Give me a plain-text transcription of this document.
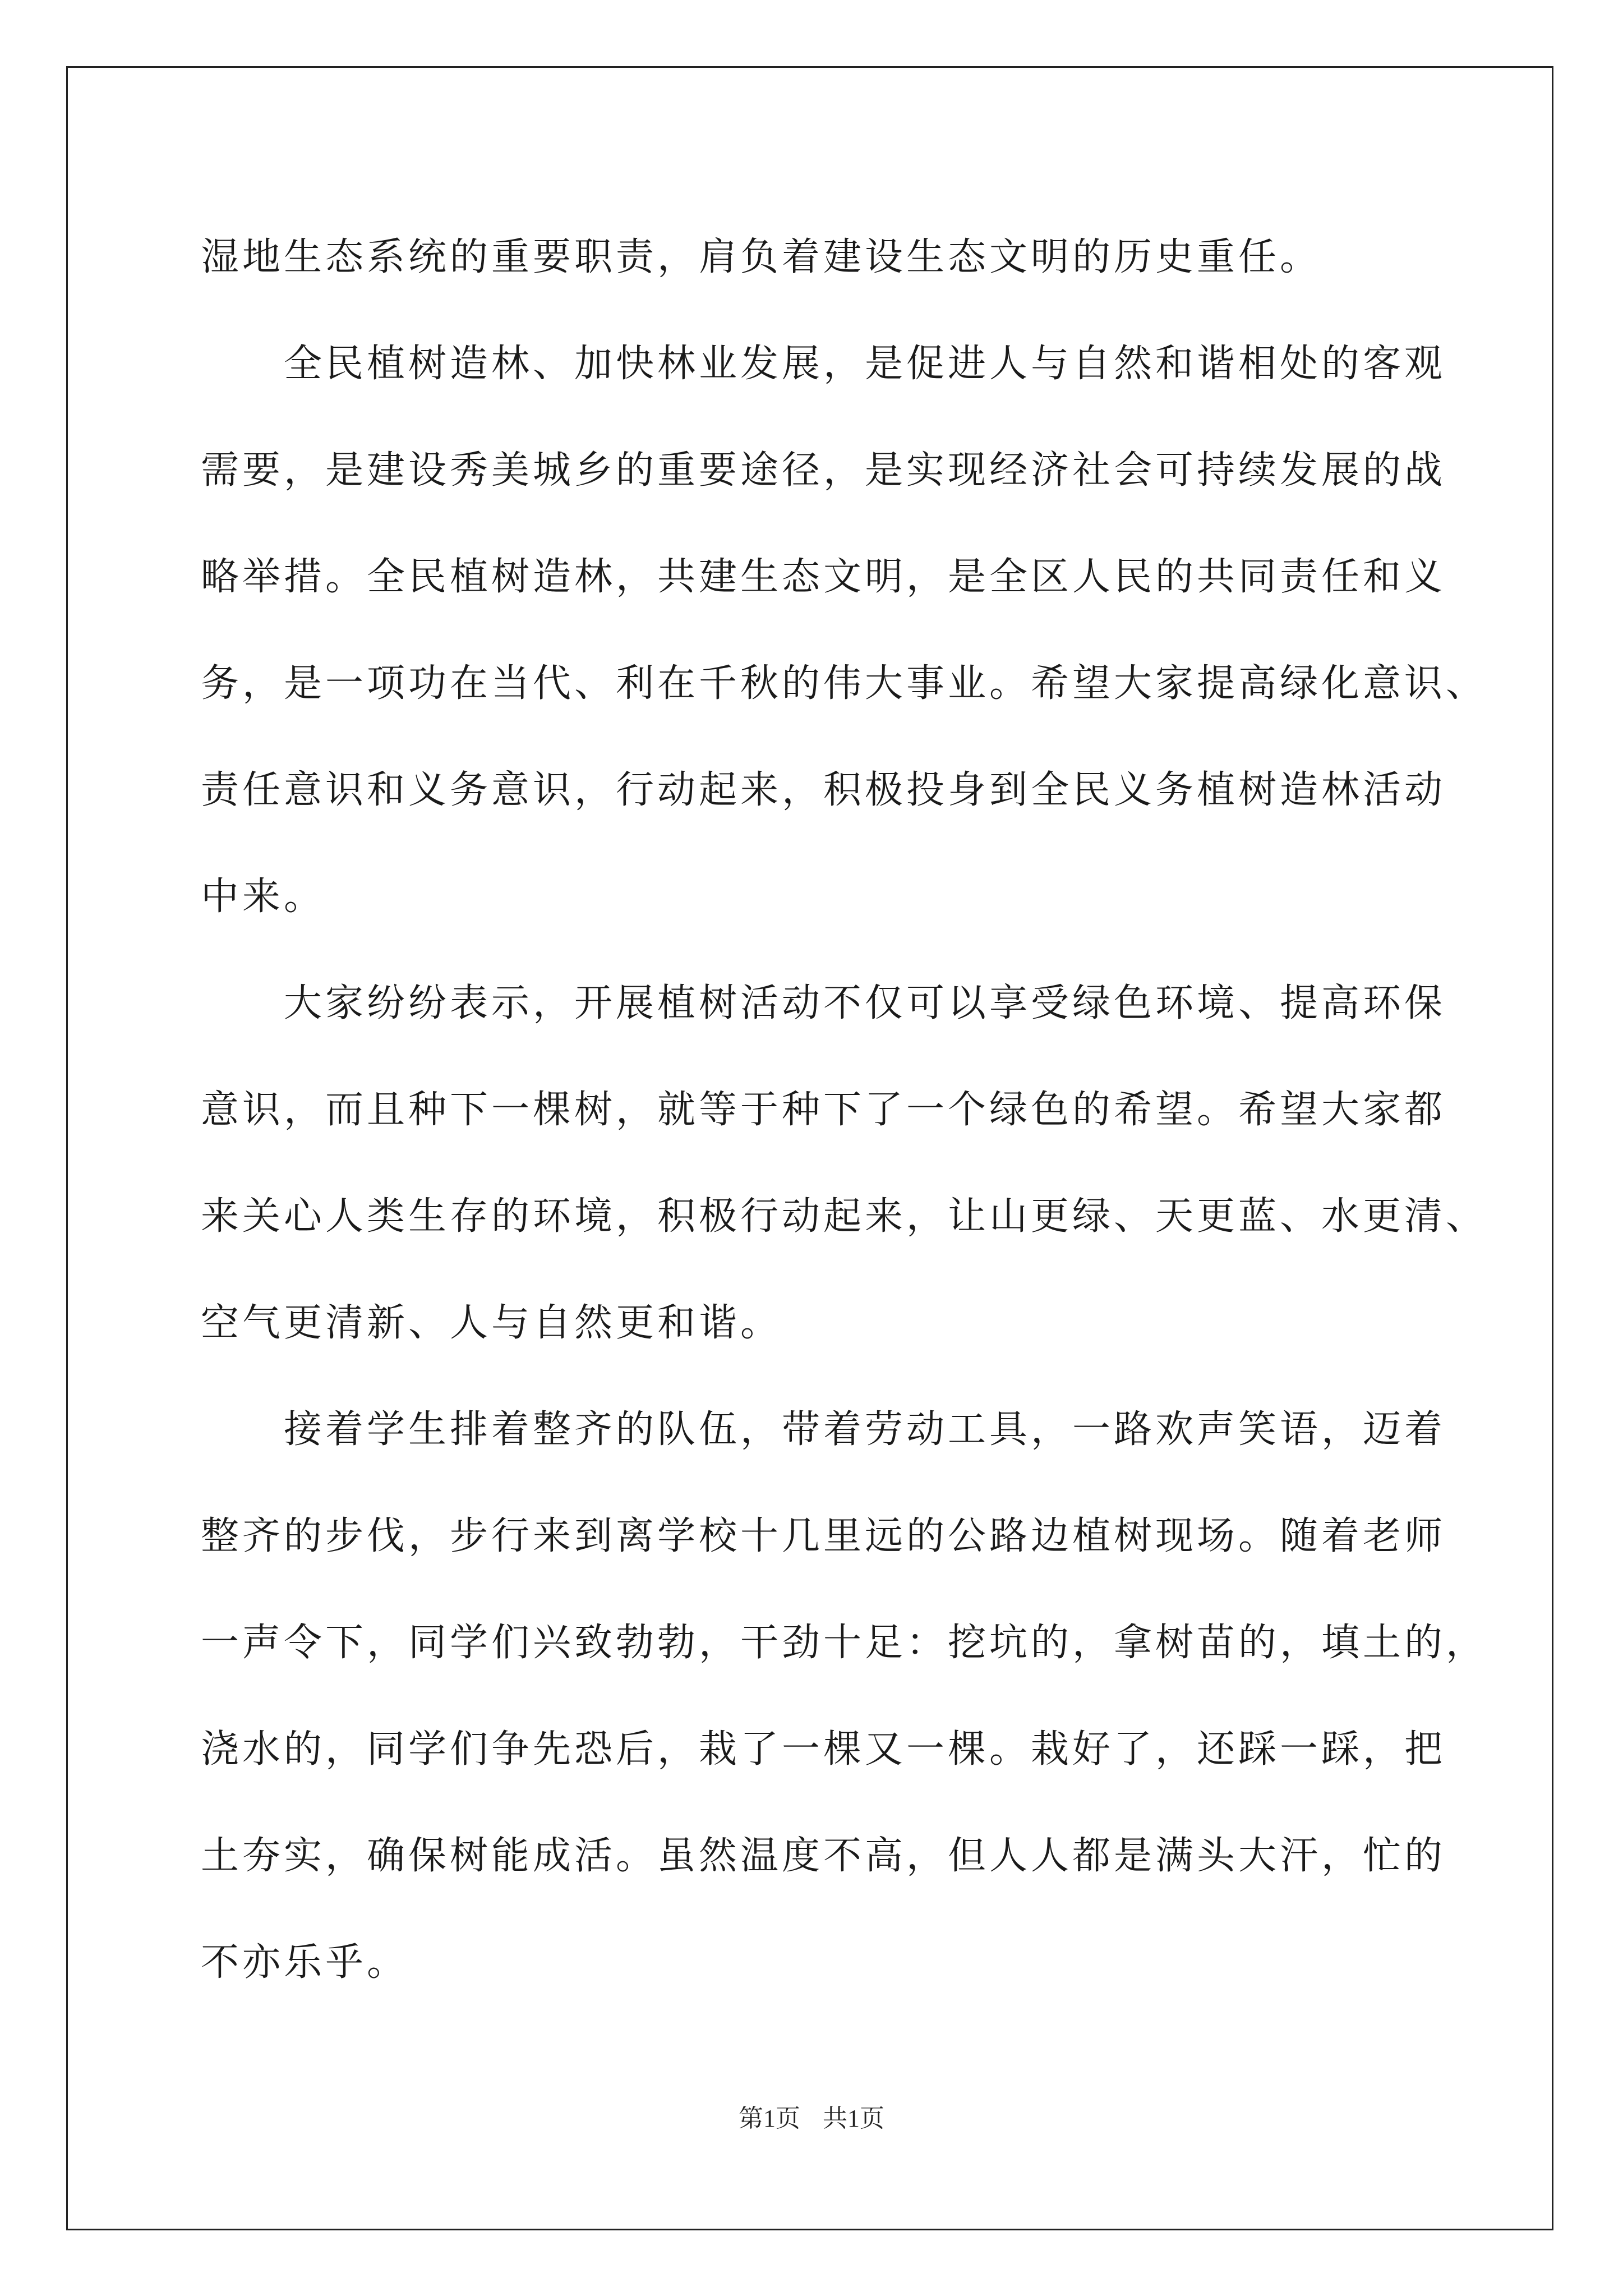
湿地生态系统的重要职责，肩负着建设生态文明的历史重任。
全民植树造林、加快林业发展，是促进人与自然和谐相处的客观
需要，是建设秀美城乡的重要途径，是实现经济社会可持续发展的战
略举措。全民植树造林，共建生态文明，是全区人民的共同责任和义
务，是一项功在当代、利在千秋的伟大事业。希望大家提高绿化意识、
责任意识和义务意识，行动起来，积极投身到全民义务植树造林活动
中来。
大家纷纷表示，开展植树活动不仅可以享受绿色环境、提高环保
意识，而且种下一棵树，就等于种下了一个绿色的希望。希望大家都
来关心人类生存的环境，积极行动起来，让山更绿、天更蓝、水更清、
空气更清新、人与自然更和谐。
接着学生排着整齐的队伍，带着劳动工具，一路欢声笑语，迈着
整齐的步伐，步行来到离学校十几里远的公路边植树现场。随着老师
一声令下，同学们兴致勃勃，干劲十足：挖坑的，拿树苗的，填土的，
浇水的，同学们争先恐后，栽了一棵又一棵。栽好了，还踩一踩，把
土夯实，确保树能成活。虽然温度不高，但人人都是满头大汗，忙的
不亦乐乎。
第1页 共1页
